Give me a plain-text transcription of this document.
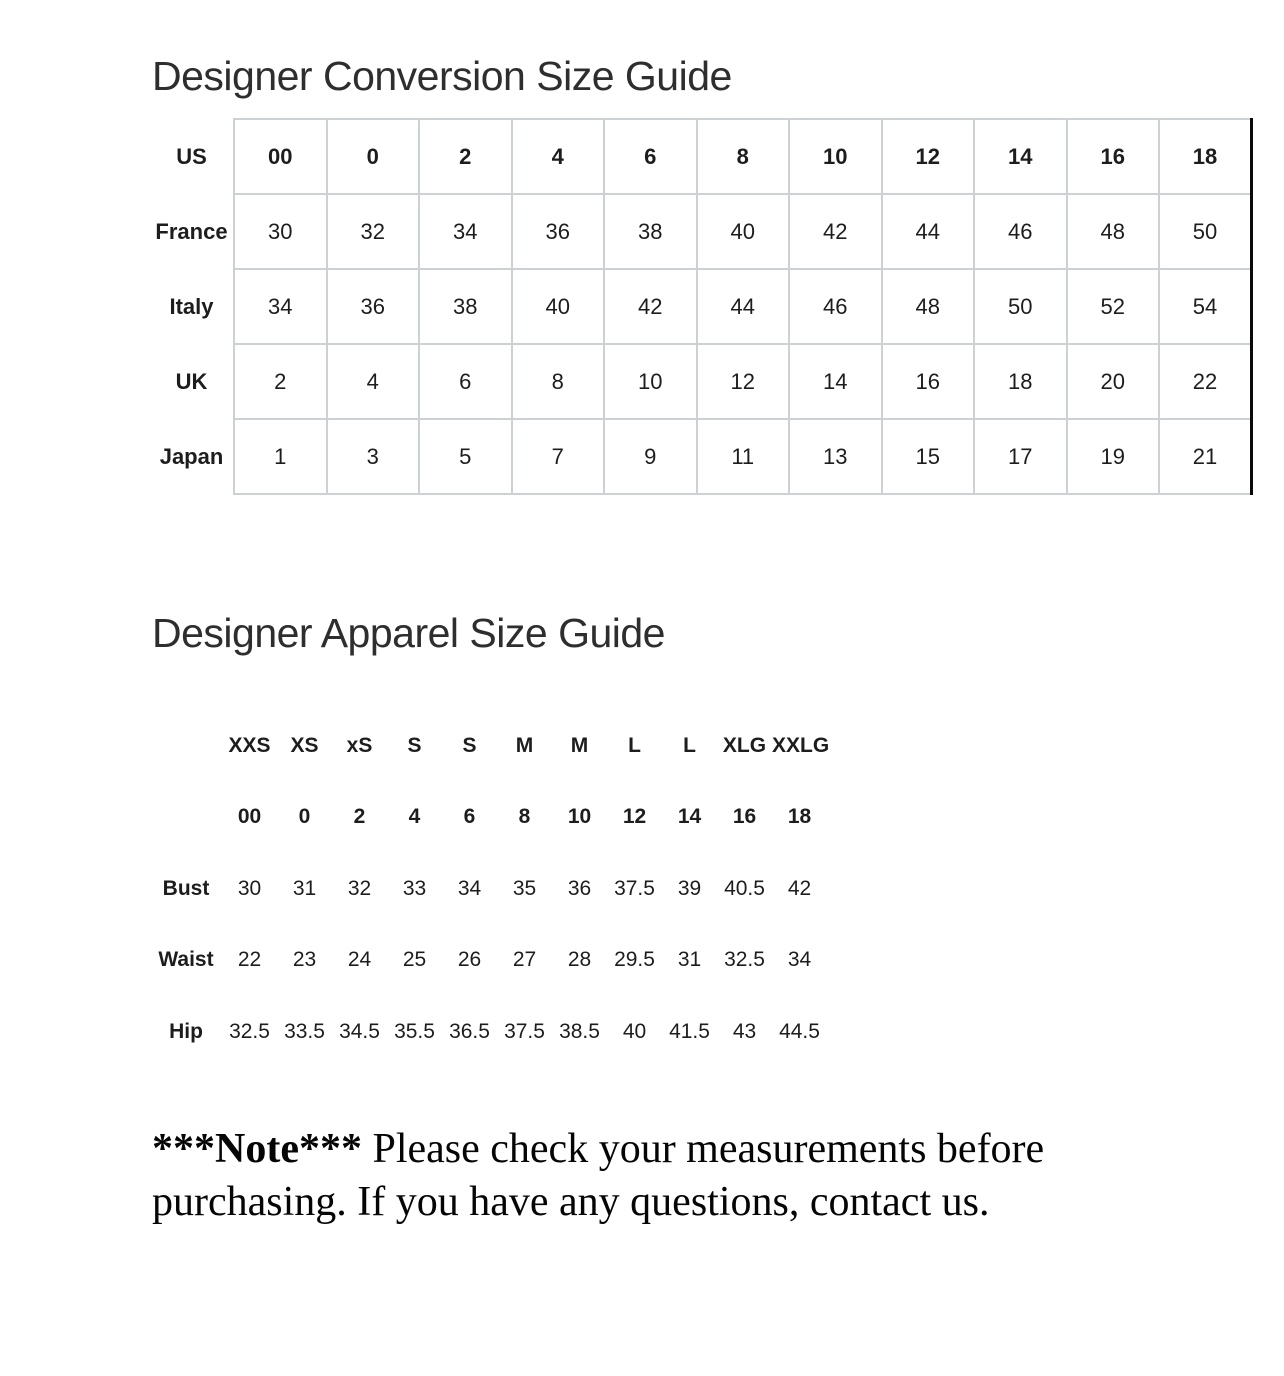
Designer Conversion Size Guide
US	00	0	2	4	6	8	10	12	14	16	18
France	30	32	34	36	38	40	42	44	46	48	50
Italy	34	36	38	40	42	44	46	48	50	52	54
UK	2	4	6	8	10	12	14	16	18	20	22
Japan	1	3	5	7	9	11	13	15	17	19	21
Designer Apparel Size Guide
	XXS	XS	xS	S	S	M	M	L	L	XLG	XXLG
	00	0	2	4	6	8	10	12	14	16	18
Bust	30	31	32	33	34	35	36	37.5	39	40.5	42
Waist	22	23	24	25	26	27	28	29.5	31	32.5	34
Hip	32.5	33.5	34.5	35.5	36.5	37.5	38.5	40	41.5	43	44.5

***Note*** Please check your measurements before purchasing. If you have any questions, contact us.
